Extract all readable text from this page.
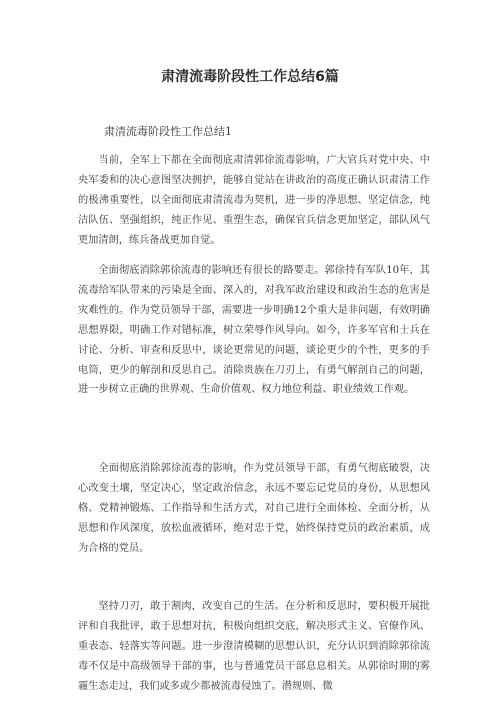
肃清流毒阶段性工作总结6篇
肃清流毒阶段性工作总结1

当前，全军上下都在全面彻底肃清郭徐流毒影响，广大官兵对党中央、中央军委和的决心意图坚决拥护，能够自觉站在讲政治的高度正确认识肃清工作的极沸重要性，以全面彻底肃清流毒为契机，进一步的净思想、坚定信念，纯洁队伍、坚强组织，纯正作见、重塑生态，确保官兵信念更加坚定，部队风气更加清朗，练兵备战更加自觉。

全面彻底消除郭徐流毒的影响还有很长的路要走。郭徐持有军队10年，其流毒给军队带来的污染是全面、深入的，对我军政治建设和政治生态的危害是灾难性的。作为党员领导干部，需要进一步明确12个重大是非问题，有效明确思想界限，明确工作对错标准，树立荣辱作风导向。如今，许多军官和士兵在讨论、分析、审查和反思中，谈论更常见的问题，谈论更少的个性，更多的手电筒，更少的解剖和反思自己。消除贵族在刀刃上，有勇气解剖自己的问题，进一步树立正确的世界观、生命价值观、权力地位利益、职业绩效工作观。

全面彻底消除郭徐流毒的影响，作为党员领导干部，有勇气彻底破裂，决心改变土壤，坚定决心，坚定政治信念，永远不要忘记党员的身份，从思想风格、党精神锻炼、工作指导和生活方式，对自己进行全面体检、全面分析，从思想和作风深度，放松血液循环，绝对忠于党，始终保持党员的政治素质，成为合格的党员。

坚持刀刃，敢于割肉，改变自己的生活。在分析和反思时，要积极开展批评和自我批评，敢于思想对抗，积极向组织交底，解决形式主义、官僚作风、重表态、轻落实等问题。进一步澄清模糊的思想认识，充分认识到消除郭徐流毒不仅是中高级领导干部的事，也与普通党员干部息息相关。从郭徐时期的雾霾生态走过，我们或多或少都被流毒侵蚀了。潜规则、微
